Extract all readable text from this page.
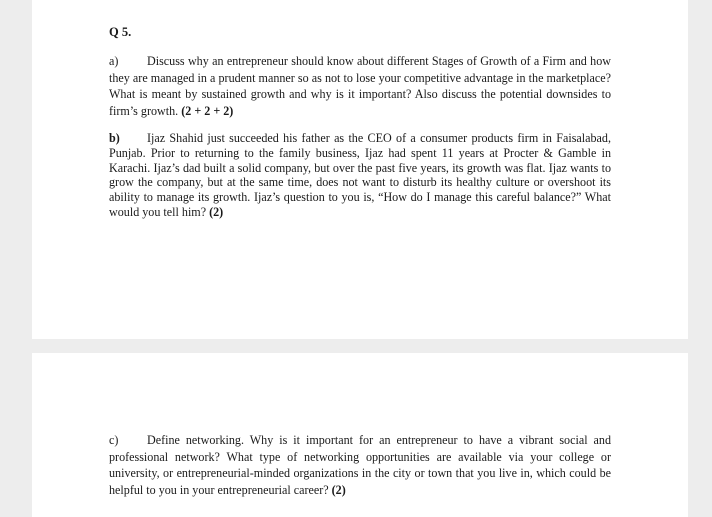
Q 5.
a) Discuss why an entrepreneur should know about different Stages of Growth of a Firm and how they are managed in a prudent manner so as not to lose your competitive advantage in the marketplace? What is meant by sustained growth and why is it important? Also discuss the potential downsides to firm’s growth. (2 + 2 + 2)
b) Ijaz Shahid just succeeded his father as the CEO of a consumer products firm in Faisalabad, Punjab. Prior to returning to the family business, Ijaz had spent 11 years at Procter & Gamble in Karachi. Ijaz’s dad built a solid company, but over the past five years, its growth was flat. Ijaz wants to grow the company, but at the same time, does not want to disturb its healthy culture or overshoot its ability to manage its growth. Ijaz’s question to you is, “How do I manage this careful balance?” What would you tell him? (2)
c) Define networking. Why is it important for an entrepreneur to have a vibrant social and professional network? What type of networking opportunities are available via your college or university, or entrepreneurial-minded organizations in the city or town that you live in, which could be helpful to you in your entrepreneurial career? (2)
